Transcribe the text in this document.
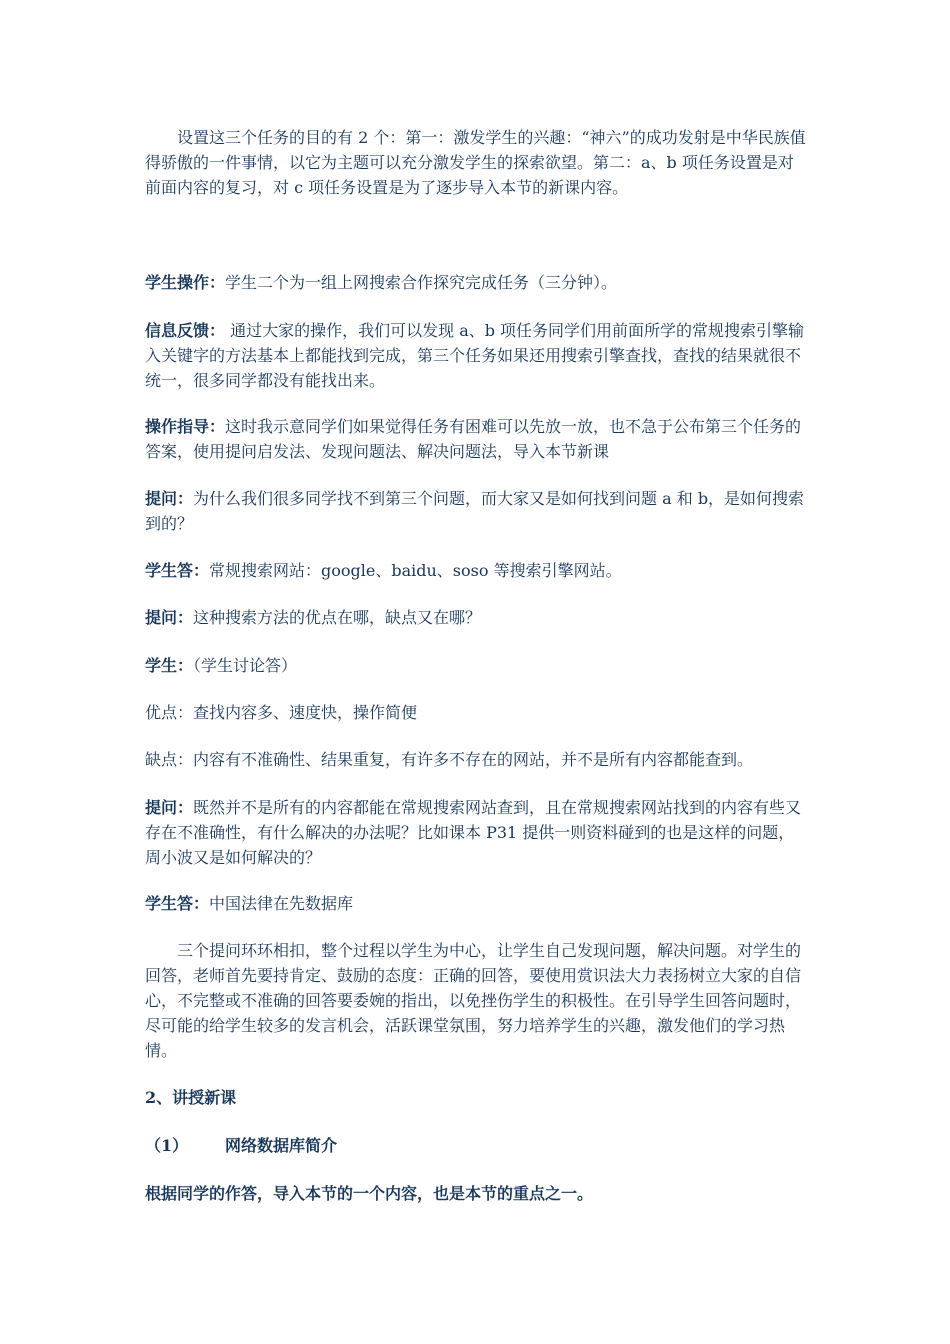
设置这三个任务的目的有 2 个：第一：激发学生的兴趣：“神六”的成功发射是中华民族值得骄傲的一件事情，以它为主题可以充分激发学生的探索欲望。第二：a、b 项任务设置是对前面内容的复习，对 c 项任务设置是为了逐步导入本节的新课内容。

学生操作：学生二个为一组上网搜索合作探究完成任务（三分钟）。

信息反馈： 通过大家的操作，我们可以发现 a、b 项任务同学们用前面所学的常规搜索引擎输入关键字的方法基本上都能找到完成，第三个任务如果还用搜索引擎查找，查找的结果就很不统一，很多同学都没有能找出来。

操作指导：这时我示意同学们如果觉得任务有困难可以先放一放，也不急于公布第三个任务的答案，使用提问启发法、发现问题法、解决问题法，导入本节新课

提问：为什么我们很多同学找不到第三个问题，而大家又是如何找到问题 a 和 b，是如何搜索到的？

学生答：常规搜索网站：google、baidu、soso 等搜索引擎网站。

提问：这种搜索方法的优点在哪，缺点又在哪？

学生：（学生讨论答）

优点：查找内容多、速度快，操作简便

缺点：内容有不准确性、结果重复，有许多不存在的网站，并不是所有内容都能查到。

提问：既然并不是所有的内容都能在常规搜索网站查到，且在常规搜索网站找到的内容有些又存在不准确性，有什么解决的办法呢？比如课本 P31 提供一则资料碰到的也是这样的问题，周小波又是如何解决的？

学生答：中国法律在先数据库

三个提问环环相扣，整个过程以学生为中心，让学生自己发现问题，解决问题。对学生的回答，老师首先要持肯定、鼓励的态度：正确的回答，要使用赏识法大力表扬树立大家的自信心，不完整或不准确的回答要委婉的指出，以免挫伤学生的积极性。在引导学生回答问题时，尽可能的给学生较多的发言机会，活跃课堂氛围，努力培养学生的兴趣，激发他们的学习热情。

2、讲授新课

（1） 网络数据库简介

根据同学的作答，导入本节的一个内容，也是本节的重点之一。
